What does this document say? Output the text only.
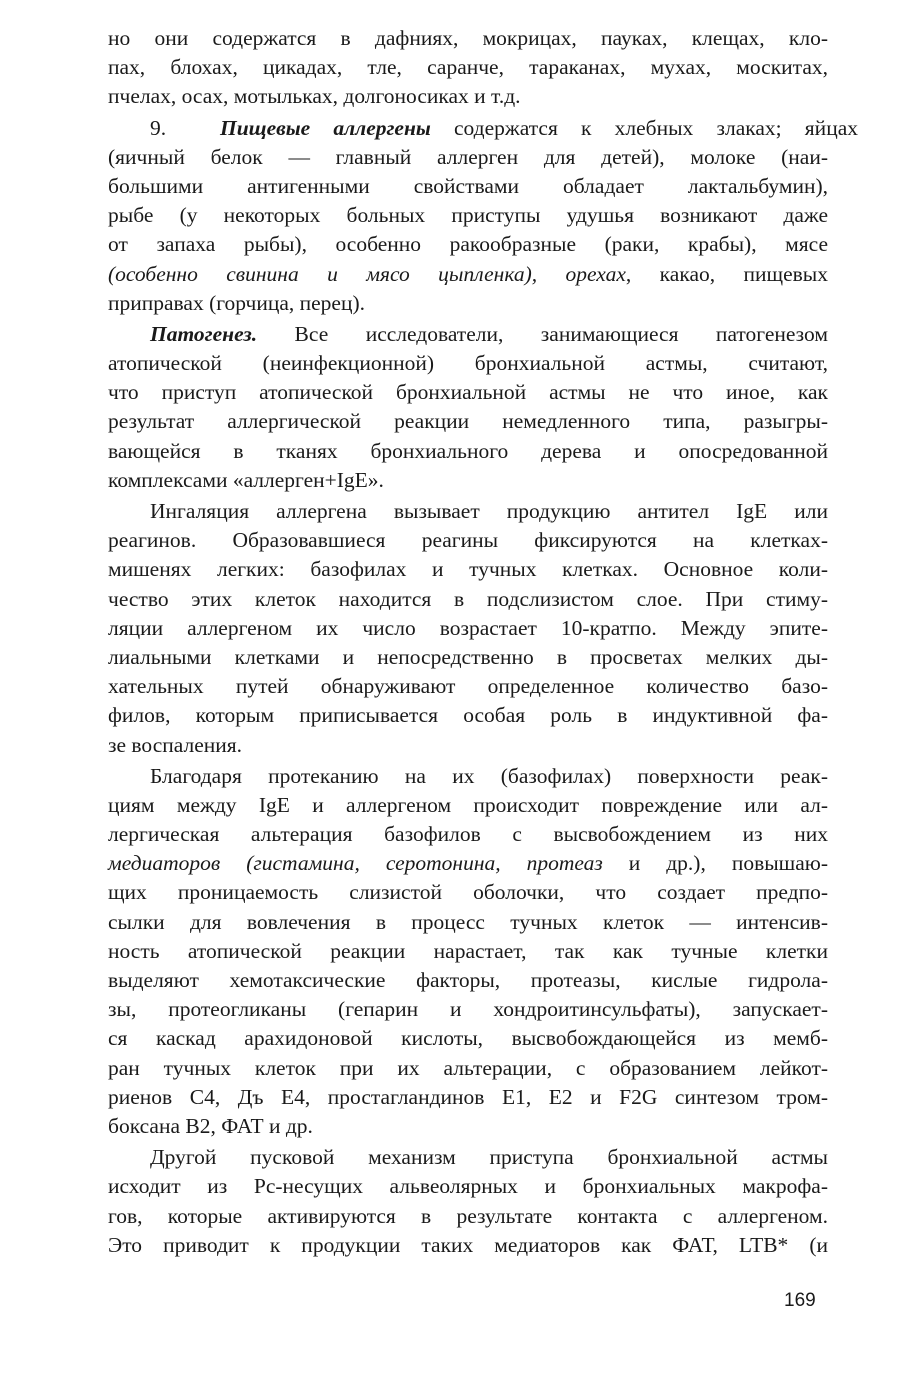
но они содержатся в дафниях, мокрицах, пауках, клещах, кло-
пах, блохах, цикадах, тле, саранче, тараканах, мухах, москитах,
пчелах, осах, мотыльках, долгоносиках и т.д.
9.	Пищевые аллергены содержатся к хлебных злаках; яйцах
(яичный белок — главный аллерген для детей), молоке (наи-
большими антигенными свойствами обладает лактальбумин),
рыбе (у некоторых больных приступы удушья возникают даже
от запаха рыбы), особенно ракообразные (раки, крабы), мясе
(особенно свинина и мясо цыпленка), орехах, какао, пищевых
приправах (горчица, перец).
Патогенез. Все исследователи, занимающиеся патогенезом
атопической (неинфекционной) бронхиальной астмы, считают,
что приступ атопической бронхиальной астмы не что иное, как
результат аллергической реакции немедленного типа, разыгры-
вающейся в тканях бронхиального дерева и опосредованной
комплексами «аллерген+IgE».
Ингаляция аллергена вызывает продукцию антител IgE или
реагинов. Образовавшиеся реагины фиксируются на клетках-
мишенях легких: базофилах и тучных клетках. Основное коли-
чество этих клеток находится в подслизистом слое. При стиму-
ляции аллергеном их число возрастает 10-кратпо. Между эпите-
лиальными клетками и непосредственно в просветах мелких ды-
хательных путей обнаруживают определенное количество базо-
филов, которым приписывается особая роль в индуктивной фа-
зе воспаления.
Благодаря протеканию на их (базофилах) поверхности реак-
циям между IgE и аллергеном происходит повреждение или ал-
лергическая альтерация базофилов с высвобождением из них
медиаторов (гистамина, серотонина, протеаз и др.), повышаю-
щих проницаемость слизистой оболочки, что создает предпо-
сылки для вовлечения в процесс тучных клеток — интенсив-
ность атопической реакции нарастает, так как тучные клетки
выделяют хемотаксические факторы, протеазы, кислые гидрола-
зы, протеогликаны (гепарин и хондроитинсульфаты), запускает-
ся каскад арахидоновой кислоты, высвобождающейся из мемб-
ран тучных клеток при их альтерации, с образованием лейкот-
риенов С4, Дъ Е4, простагландинов Е1, Е2 и F2G синтезом тром-
боксана В2, ФАТ и др.
Другой пусковой механизм приступа бронхиальной астмы
исходит из Рс-несущих альвеолярных и бронхиальных макрофа-
гов, которые активируются в результате контакта с аллергеном.
Это приводит к продукции таких медиаторов как ФАТ, LTB* (и
169
